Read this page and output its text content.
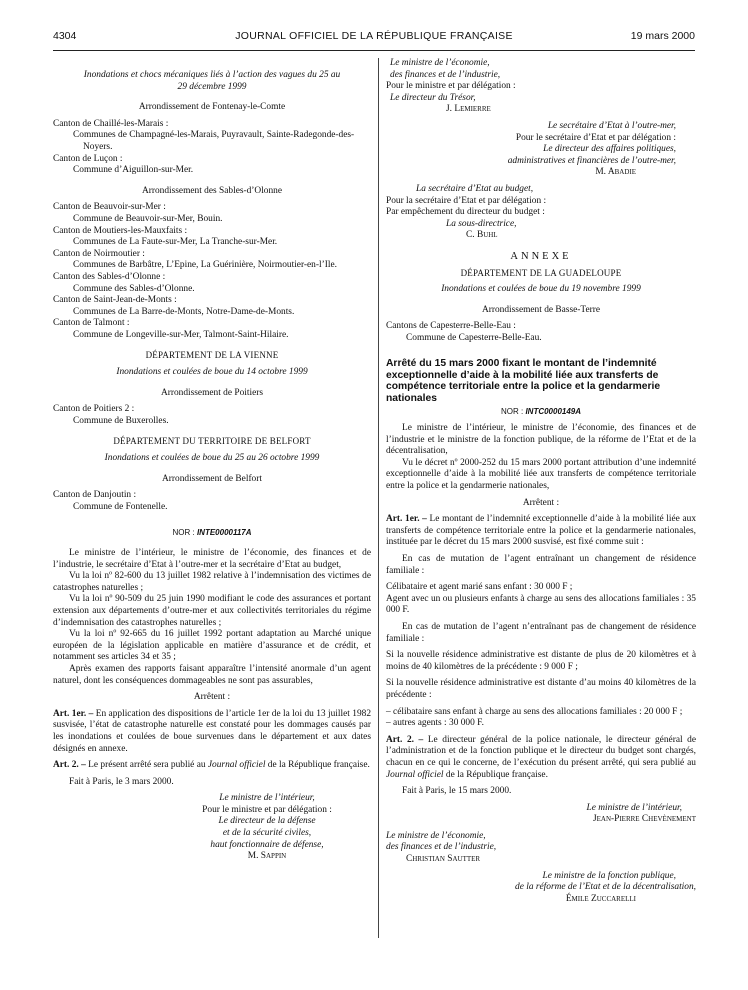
4304	JOURNAL OFFICIEL DE LA RÉPUBLIQUE FRANÇAISE	19 mars 2000

Inondations et chocs mécaniques liés à l’action des vagues du 25 au 29 décembre 1999

Arrondissement de Fontenay-le-Comte

Canton de Chaillé-les-Marais :

Communes de Champagné-les-Marais, Puyravault, Sainte-Radegonde-des-Noyers.

Canton de Luçon :

Commune d’Aiguillon-sur-Mer.

Arrondissement des Sables-d’Olonne

Canton de Beauvoir-sur-Mer :

Commune de Beauvoir-sur-Mer, Bouin.

Canton de Moutiers-les-Mauxfaits :

Communes de La Faute-sur-Mer, La Tranche-sur-Mer.

Canton de Noirmoutier :

Communes de Barbâtre, L’Epine, La Guérinière, Noirmoutier-en-l’Ile.

Canton des Sables-d’Olonne :

Commune des Sables-d’Olonne.

Canton de Saint-Jean-de-Monts :

Communes de La Barre-de-Monts, Notre-Dame-de-Monts.

Canton de Talmont :

Commune de Longeville-sur-Mer, Talmont-Saint-Hilaire.

DÉPARTEMENT DE LA VIENNE

Inondations et coulées de boue du 14 octobre 1999

Arrondissement de Poitiers

Canton de Poitiers 2 :

Commune de Buxerolles.

DÉPARTEMENT DU TERRITOIRE DE BELFORT

Inondations et coulées de boue du 25 au 26 octobre 1999

Arrondissement de Belfort

Canton de Danjoutin :

Commune de Fontenelle.

NOR : INTE0000117A

Le ministre de l’intérieur, le ministre de l’économie, des finances et de l’industrie, le secrétaire d’Etat à l’outre-mer et la secrétaire d’Etat au budget,

Vu la loi nº 82-600 du 13 juillet 1982 relative à l’indemnisation des victimes de catastrophes naturelles ;

Vu la loi nº 90-509 du 25 juin 1990 modifiant le code des assurances et portant extension aux départements d’outre-mer et aux collectivités territoriales du régime d’indemnisation des catastrophes naturelles ;

Vu la loi nº 92-665 du 16 juillet 1992 portant adaptation au Marché unique européen de la législation applicable en matière d’assurance et de crédit, et notamment ses articles 34 et 35 ;

Après examen des rapports faisant apparaître l’intensité anormale d’un agent naturel, dont les conséquences dommageables ne sont pas assurables,

Arrêtent :

Art. 1er. – En application des dispositions de l’article 1er de la loi du 13 juillet 1982 susvisée, l’état de catastrophe naturelle est constaté pour les dommages causés par les inondations et coulées de boue survenues dans le département et aux dates désignés en annexe.

Art. 2. – Le présent arrêté sera publié au Journal officiel de la République française.

Fait à Paris, le 3 mars 2000.

Le ministre de l’intérieur,

Pour le ministre et par délégation :

Le directeur de la défense

et de la sécurité civiles,

haut fonctionnaire de défense,

M. Sappin

Le ministre de l’économie,

des finances et de l’industrie,

Pour le ministre et par délégation :

Le directeur du Trésor,

J. Lemierre

Le secrétaire d’Etat à l’outre-mer,

Pour le secrétaire d’Etat et par délégation :

Le directeur des affaires politiques,

administratives et financières de l’outre-mer,

M. Abadie

La secrétaire d’Etat au budget,

Pour la secrétaire d’Etat et par délégation :

Par empêchement du directeur du budget :

La sous-directrice,

C. Buhl

ANNEXE

DÉPARTEMENT DE LA GUADELOUPE

Inondations et coulées de boue du 19 novembre 1999

Arrondissement de Basse-Terre

Cantons de Capesterre-Belle-Eau :

Commune de Capesterre-Belle-Eau.

Arrêté du 15 mars 2000 fixant le montant de l’indemnité exceptionnelle d’aide à la mobilité liée aux transferts de compétence territoriale entre la police et la gendarmerie nationales

NOR : INTC0000149A

Le ministre de l’intérieur, le ministre de l’économie, des finances et de l’industrie et le ministre de la fonction publique, de la réforme de l’Etat et de la décentralisation,

Vu le décret nº 2000-252 du 15 mars 2000 portant attribution d’une indemnité exceptionnelle d’aide à la mobilité liée aux transferts de compétence territoriale entre la police et la gendarmerie nationales,

Arrêtent :

Art. 1er. – Le montant de l’indemnité exceptionnelle d’aide à la mobilité liée aux transferts de compétence territoriale entre la police et la gendarmerie nationales, instituée par le décret du 15 mars 2000 susvisé, est fixé comme suit :

En cas de mutation de l’agent entraînant un changement de résidence familiale :

Célibataire et agent marié sans enfant : 30 000 F ;

Agent avec un ou plusieurs enfants à charge au sens des allocations familiales : 35 000 F.

En cas de mutation de l’agent n’entraînant pas de changement de résidence familiale :

Si la nouvelle résidence administrative est distante de plus de 20 kilomètres et à moins de 40 kilomètres de la précédente : 9 000 F ;

Si la nouvelle résidence administrative est distante d’au moins 40 kilomètres de la précédente :

– célibataire sans enfant à charge au sens des allocations familiales : 20 000 F ;

– autres agents : 30 000 F.

Art. 2. – Le directeur général de la police nationale, le directeur général de l’administration et de la fonction publique et le directeur du budget sont chargés, chacun en ce qui le concerne, de l’exécution du présent arrêté, qui sera publié au Journal officiel de la République française.

Fait à Paris, le 15 mars 2000.

Le ministre de l’intérieur,

Jean-Pierre Chevènement

Le ministre de l’économie,

des finances et de l’industrie,

Christian Sautter

Le ministre de la fonction publique,

de la réforme de l’Etat et de la décentralisation,

Émile Zuccarelli
